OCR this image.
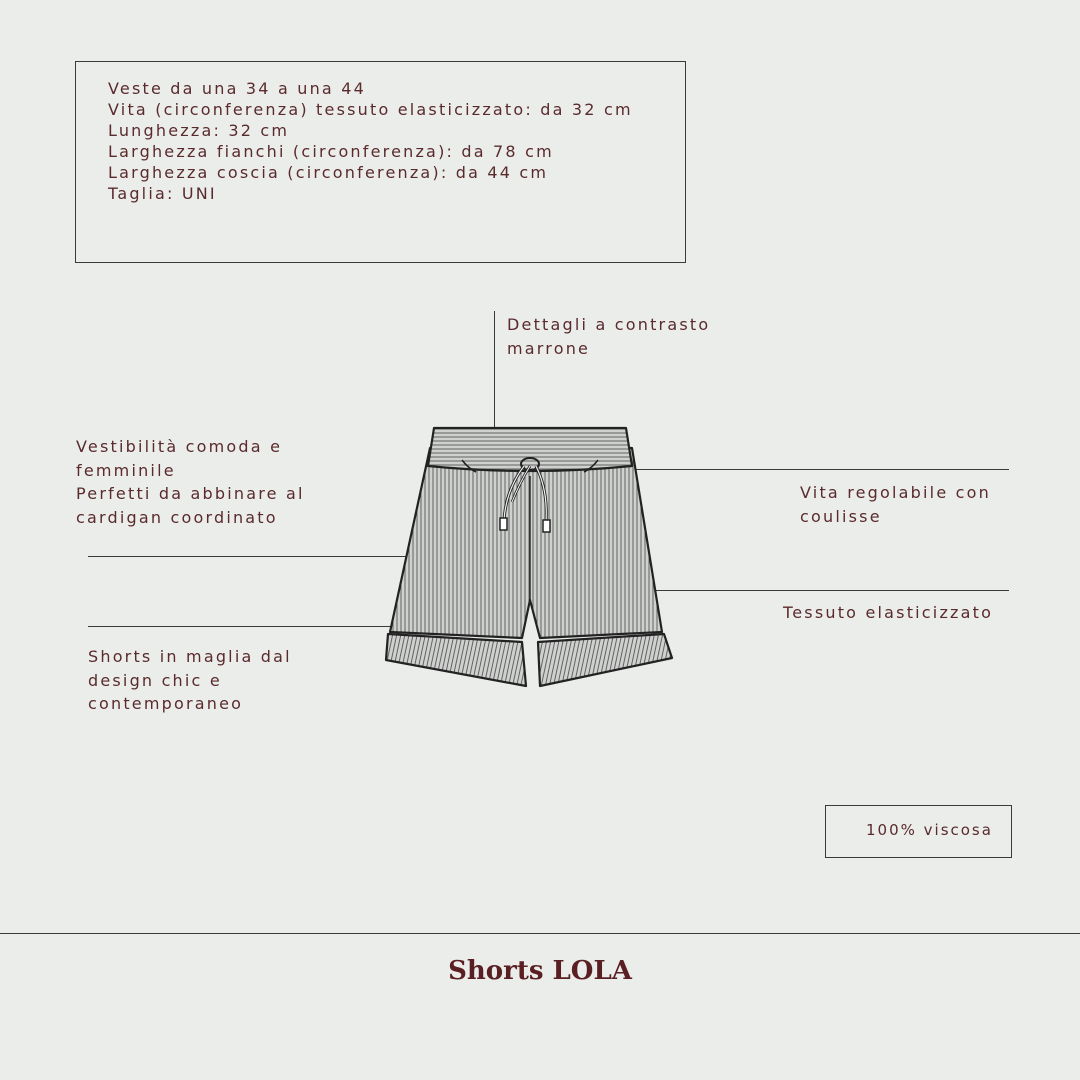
Veste da una 34 a una 44
Vita (circonferenza) tessuto elasticizzato: da 32 cm
Lunghezza: 32 cm
Larghezza fianchi (circonferenza): da 78 cm
Larghezza coscia (circonferenza): da 44 cm
Taglia: UNI
Dettagli a contrasto
marrone
Vestibilità comoda e
femminile
Perfetti da abbinare al
cardigan coordinato
Vita regolabile con
coulisse
Tessuto elasticizzato
Shorts in maglia dal
design chic e
contemporaneo
100% viscosa
Shorts LOLA
